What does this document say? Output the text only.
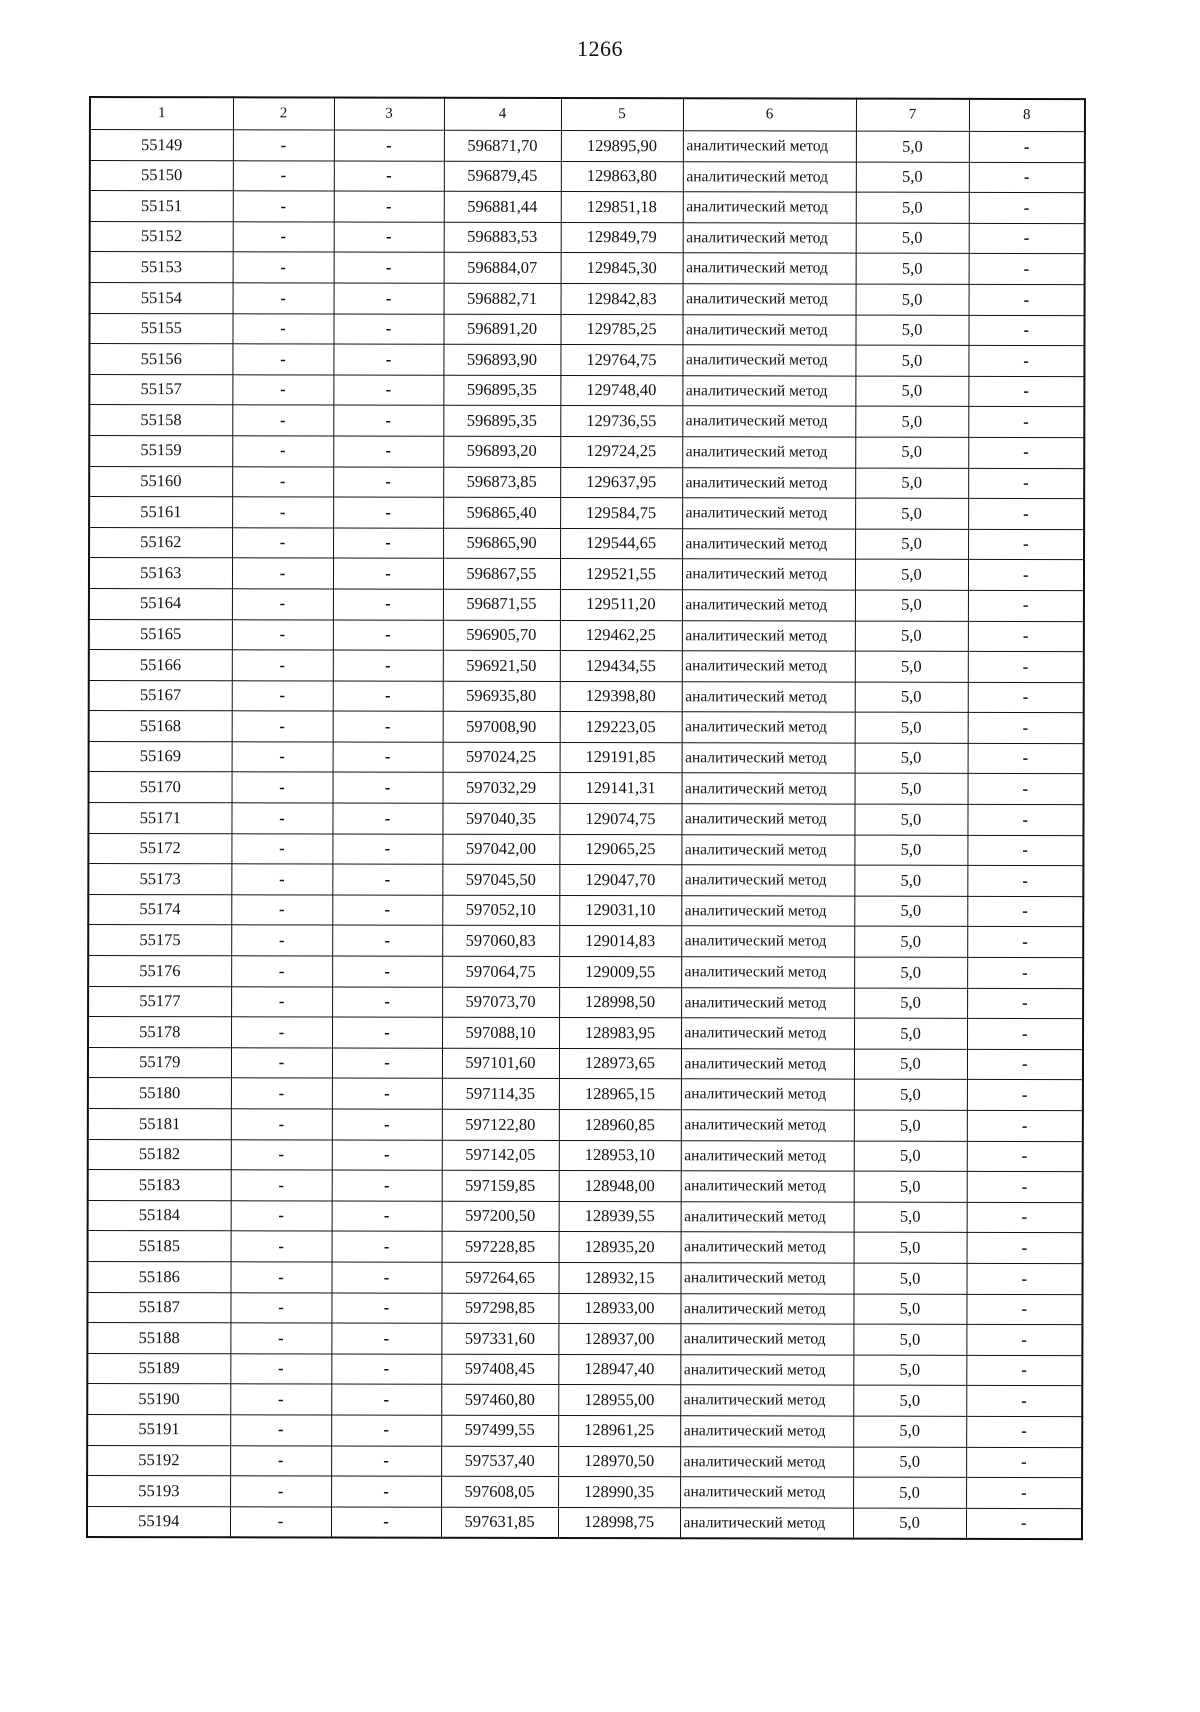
1266
1	2	3	4	5	6	7	8
55149	-	-	596871,70	129895,90	аналитический метод	5,0	-
55150	-	-	596879,45	129863,80	аналитический метод	5,0	-
55151	-	-	596881,44	129851,18	аналитический метод	5,0	-
55152	-	-	596883,53	129849,79	аналитический метод	5,0	-
55153	-	-	596884,07	129845,30	аналитический метод	5,0	-
55154	-	-	596882,71	129842,83	аналитический метод	5,0	-
55155	-	-	596891,20	129785,25	аналитический метод	5,0	-
55156	-	-	596893,90	129764,75	аналитический метод	5,0	-
55157	-	-	596895,35	129748,40	аналитический метод	5,0	-
55158	-	-	596895,35	129736,55	аналитический метод	5,0	-
55159	-	-	596893,20	129724,25	аналитический метод	5,0	-
55160	-	-	596873,85	129637,95	аналитический метод	5,0	-
55161	-	-	596865,40	129584,75	аналитический метод	5,0	-
55162	-	-	596865,90	129544,65	аналитический метод	5,0	-
55163	-	-	596867,55	129521,55	аналитический метод	5,0	-
55164	-	-	596871,55	129511,20	аналитический метод	5,0	-
55165	-	-	596905,70	129462,25	аналитический метод	5,0	-
55166	-	-	596921,50	129434,55	аналитический метод	5,0	-
55167	-	-	596935,80	129398,80	аналитический метод	5,0	-
55168	-	-	597008,90	129223,05	аналитический метод	5,0	-
55169	-	-	597024,25	129191,85	аналитический метод	5,0	-
55170	-	-	597032,29	129141,31	аналитический метод	5,0	-
55171	-	-	597040,35	129074,75	аналитический метод	5,0	-
55172	-	-	597042,00	129065,25	аналитический метод	5,0	-
55173	-	-	597045,50	129047,70	аналитический метод	5,0	-
55174	-	-	597052,10	129031,10	аналитический метод	5,0	-
55175	-	-	597060,83	129014,83	аналитический метод	5,0	-
55176	-	-	597064,75	129009,55	аналитический метод	5,0	-
55177	-	-	597073,70	128998,50	аналитический метод	5,0	-
55178	-	-	597088,10	128983,95	аналитический метод	5,0	-
55179	-	-	597101,60	128973,65	аналитический метод	5,0	-
55180	-	-	597114,35	128965,15	аналитический метод	5,0	-
55181	-	-	597122,80	128960,85	аналитический метод	5,0	-
55182	-	-	597142,05	128953,10	аналитический метод	5,0	-
55183	-	-	597159,85	128948,00	аналитический метод	5,0	-
55184	-	-	597200,50	128939,55	аналитический метод	5,0	-
55185	-	-	597228,85	128935,20	аналитический метод	5,0	-
55186	-	-	597264,65	128932,15	аналитический метод	5,0	-
55187	-	-	597298,85	128933,00	аналитический метод	5,0	-
55188	-	-	597331,60	128937,00	аналитический метод	5,0	-
55189	-	-	597408,45	128947,40	аналитический метод	5,0	-
55190	-	-	597460,80	128955,00	аналитический метод	5,0	-
55191	-	-	597499,55	128961,25	аналитический метод	5,0	-
55192	-	-	597537,40	128970,50	аналитический метод	5,0	-
55193	-	-	597608,05	128990,35	аналитический метод	5,0	-
55194	-	-	597631,85	128998,75	аналитический метод	5,0	-
